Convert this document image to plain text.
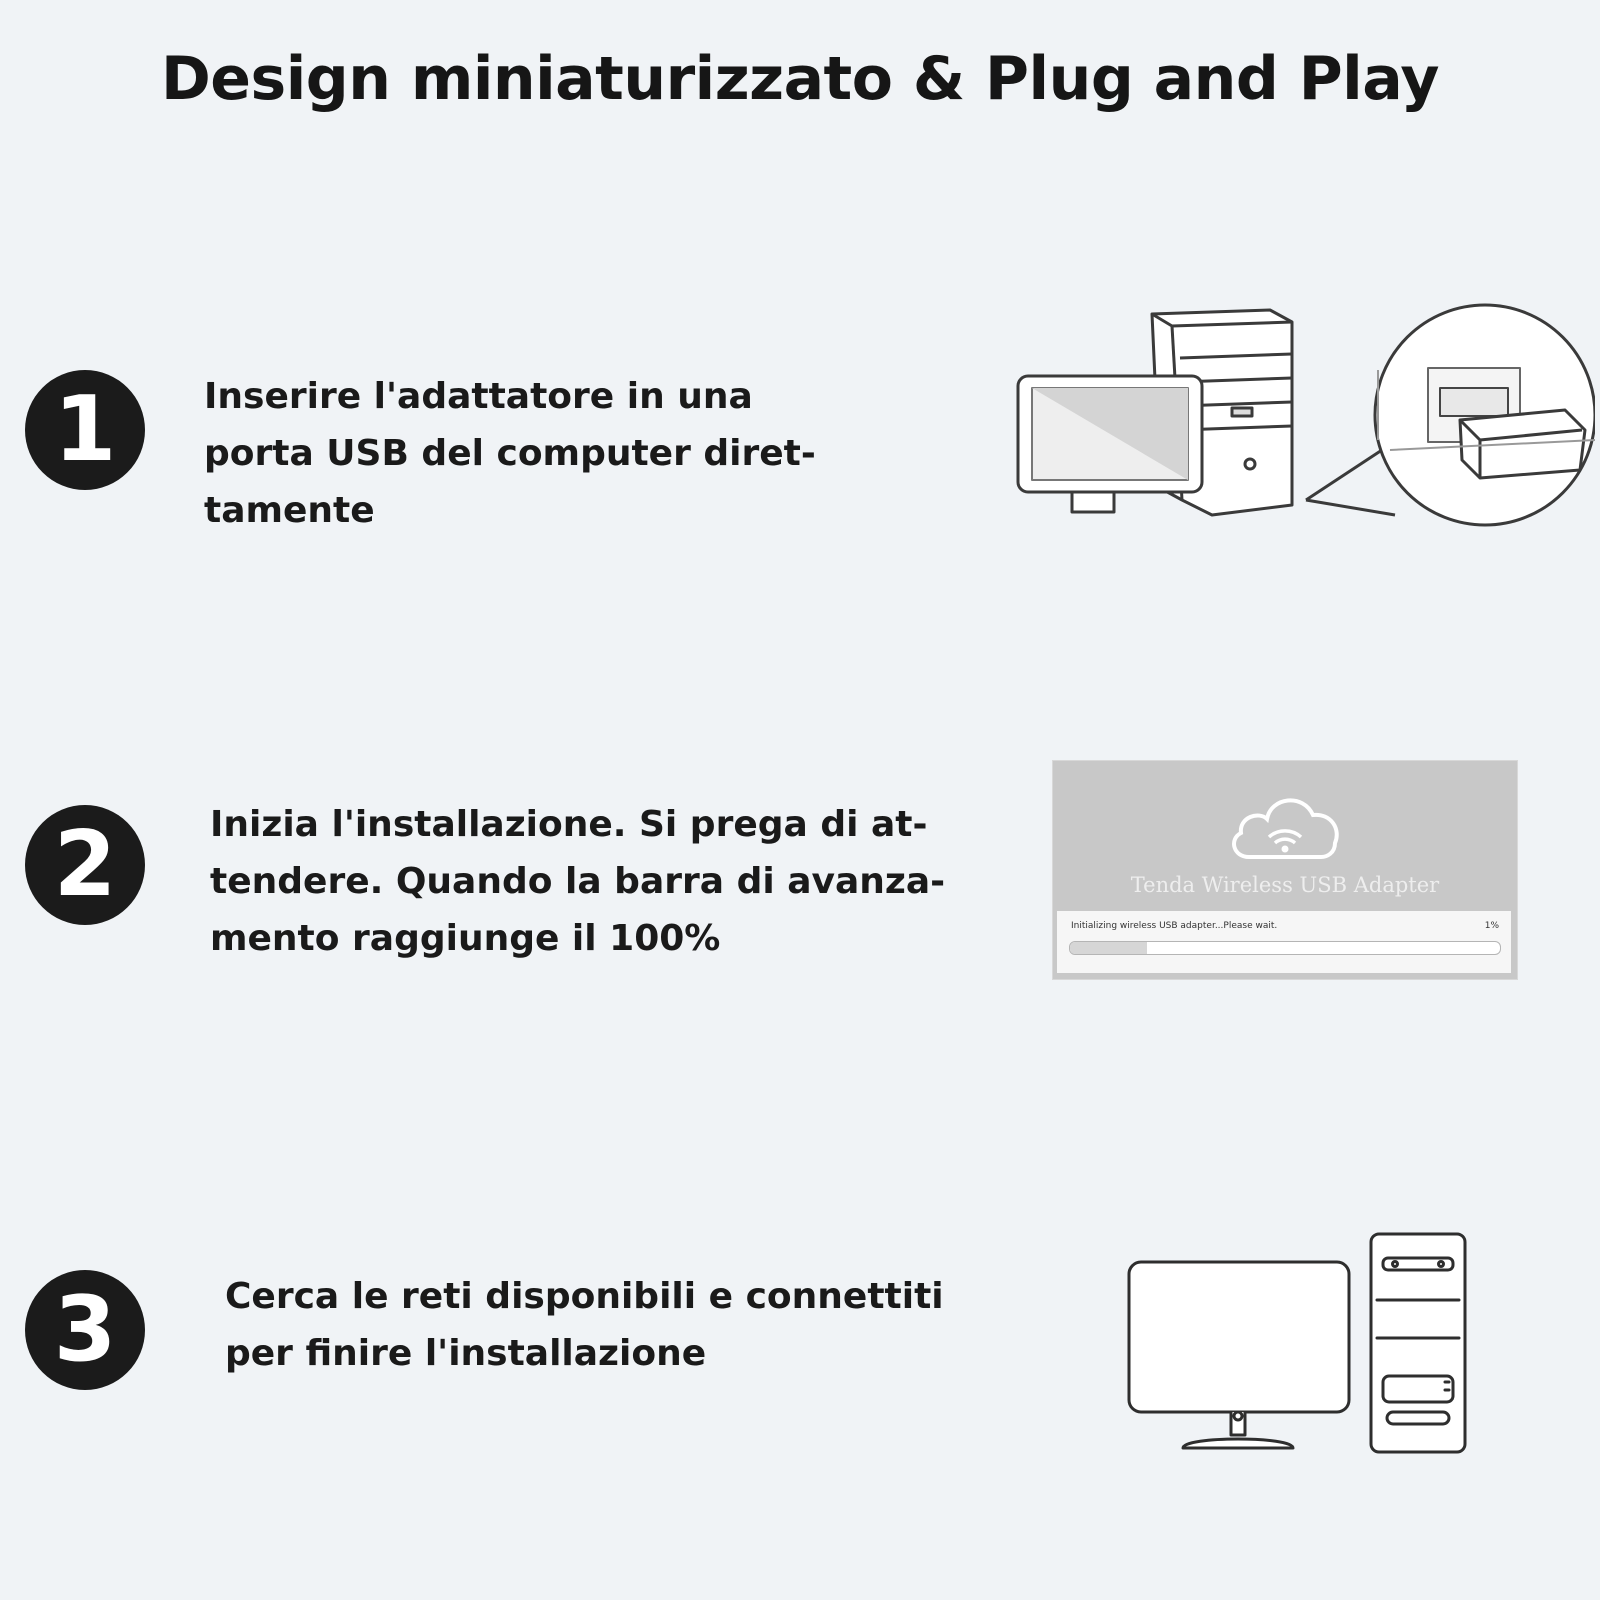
Design miniaturizzato & Plug and Play
1	Inserire l'adattatore in una
porta USB del computer diret-
tamente

2	Inizia l'installazione. Si prega di at-
tendere. Quando la barra di avanza-
mento raggiunge il 100%

Tenda Wireless USB Adapter
Initializing wireless USB adapter...Please wait.	1%
3	Cerca le reti disponibili e connettiti
per finire l'installazione
